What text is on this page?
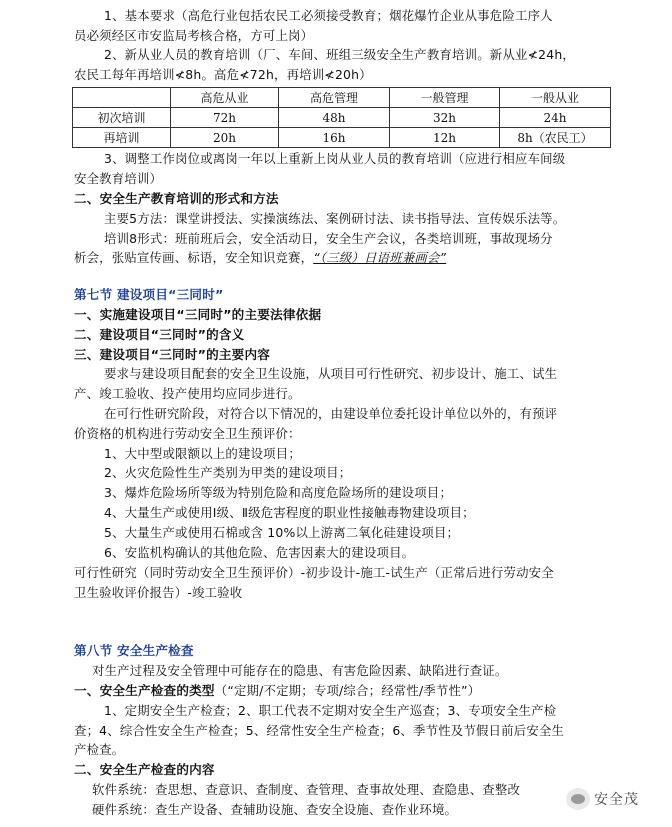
1、基本要求（高危行业包括农民工必须接受教育；烟花爆竹企业从事危险工序人
员必须经区市安监局考核合格，方可上岗）
2、新从业人员的教育培训（厂、车间、班组三级安全生产教育培训。新从业≮24h，
农民工每年再培训≮8h。高危≮72h，再培训≮20h）
	高危从业	高危管理	一般管理	一般从业
初次培训	72h	48h	32h	24h
再培训	20h	16h	12h	8h（农民工）
3、调整工作岗位或离岗一年以上重新上岗从业人员的教育培训（应进行相应车间级
安全教育培训）
二、安全生产教育培训的形式和方法
主要5方法：课堂讲授法、实操演练法、案例研讨法、读书指导法、宣传娱乐法等。
培训8形式：班前班后会，安全活动日，安全生产会议，各类培训班，事故现场分
析会，张贴宣传画、标语，安全知识竞赛，“（三级）日语班兼画会”
第七节 建设项目“三同时”
一、实施建设项目“三同时”的主要法律依据
二、建设项目“三同时”的含义
三、建设项目“三同时”的主要内容
要求与建设项目配套的安全卫生设施，从项目可行性研究、初步设计、施工、试生
产、竣工验收、投产使用均应同步进行。
在可行性研究阶段，对符合以下情况的，由建设单位委托设计单位以外的，有预评
价资格的机构进行劳动安全卫生预评价：
1、大中型或限额以上的建设项目；
2、火灾危险性生产类别为甲类的建设项目；
3、爆炸危险场所等级为特别危险和高度危险场所的建设项目；
4、大量生产或使用Ⅰ级、Ⅱ级危害程度的职业性接触毒物建设项目；
5、大量生产或使用石棉或含 10%以上游离二氧化硅建设项目；
6、安监机构确认的其他危险、危害因素大的建设项目。
可行性研究（同时劳动安全卫生预评价）-初步设计-施工-试生产（正常后进行劳动安全
卫生验收评价报告）-竣工验收
第八节 安全生产检查
对生产过程及安全管理中可能存在的隐患、有害危险因素、缺陷进行查证。
一、安全生产检查的类型（“定期/不定期；专项/综合；经常性/季节性”）
1、定期安全生产检查；2、职工代表不定期对安全生产巡查；3、专项安全生产检
查；4、综合性安全生产检查；5、经常性安全生产检查；6、季节性及节假日前后安全生
产检查。
二、安全生产检查的内容
软件系统：查思想、查意识、查制度、查管理、查事故处理、查隐患、查整改
硬件系统：查生产设备、查辅助设施、查安全设施、查作业环境。
安全茂
